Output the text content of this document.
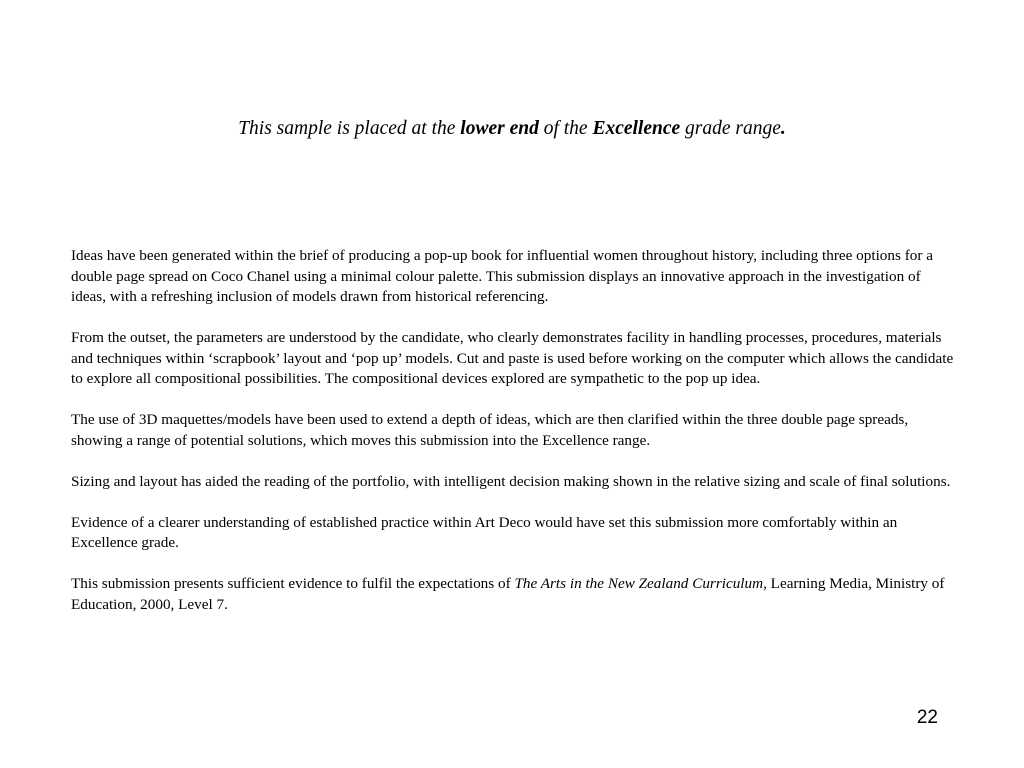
This sample is placed at the lower end of the Excellence grade range.

Ideas have been generated within the brief of producing a pop-up book for influential women throughout history, including three options for a double page spread on Coco Chanel using a minimal colour palette. This submission displays an innovative approach in the investigation of ideas, with a refreshing inclusion of models drawn from historical referencing.

From the outset, the parameters are understood by the candidate, who clearly demonstrates facility in handling processes, procedures, materials and techniques within ‘scrapbook’ layout and ‘pop up’ models. Cut and paste is used before working on the computer which allows the candidate to explore all compositional possibilities. The compositional devices explored are sympathetic to the pop up idea.

The use of 3D maquettes/models have been used to extend a depth of ideas, which are then clarified within the three double page spreads, showing a range of potential solutions, which moves this submission into the Excellence range.

Sizing and layout has aided the reading of the portfolio, with intelligent decision making shown in the relative sizing and scale of final solutions.

Evidence of a clearer understanding of established practice within Art Deco would have set this submission more comfortably within an Excellence grade.

This submission presents sufficient evidence to fulfil the expectations of The Arts in the New Zealand Curriculum, Learning Media, Ministry of Education, 2000, Level 7.

22
